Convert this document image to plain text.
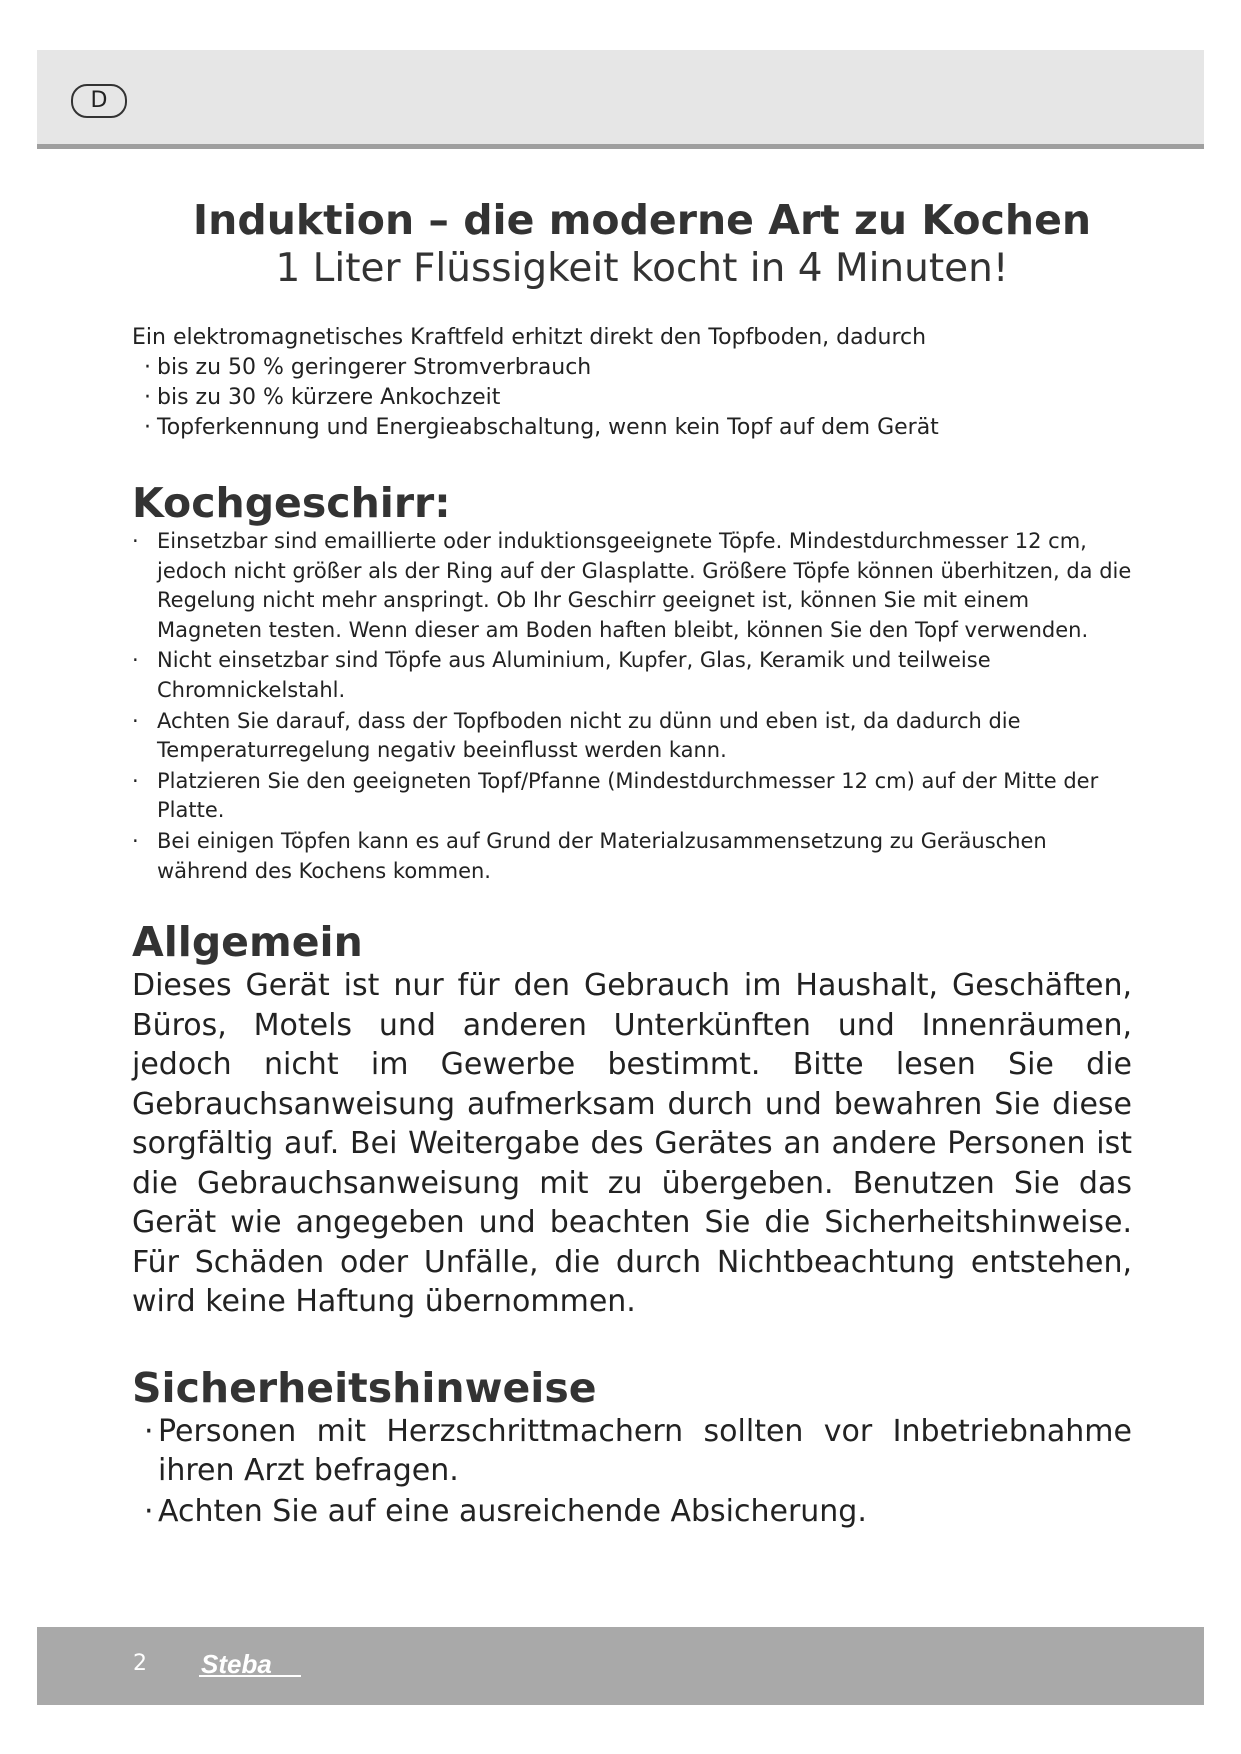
D
Induktion – die moderne Art zu Kochen
1 Liter Flüssigkeit kocht in 4 Minuten!
Ein elektromagnetisches Kraftfeld erhitzt direkt den Topfboden, dadurch
· bis zu 50 % geringerer Stromverbrauch
· bis zu 30 % kürzere Ankochzeit
· Topferkennung und Energieabschaltung, wenn kein Topf auf dem Gerät
Kochgeschirr:
· Einsetzbar sind emaillierte oder induktionsgeeignete Töpfe. Mindestdurchmesser 12 cm, jedoch nicht größer als der Ring auf der Glasplatte. Größere Töpfe können überhitzen, da die Regelung nicht mehr anspringt. Ob Ihr Geschirr geeignet ist, können Sie mit einem Magneten testen. Wenn dieser am Boden haften bleibt, können Sie den Topf verwenden.
· Nicht einsetzbar sind Töpfe aus Aluminium, Kupfer, Glas, Keramik und teilweise Chromnickelstahl.
· Achten Sie darauf, dass der Topfboden nicht zu dünn und eben ist, da dadurch die Temperaturregelung negativ beeinflusst werden kann.
· Platzieren Sie den geeigneten Topf/Pfanne (Mindestdurchmesser 12 cm) auf der Mitte der Platte.
· Bei einigen Töpfen kann es auf Grund der Materialzusammensetzung zu Geräuschen während des Kochens kommen.
Allgemein
Dieses Gerät ist nur für den Gebrauch im Haushalt, Geschäften, Büros, Motels und anderen Unterkünften und Innenräumen, jedoch nicht im Gewerbe bestimmt. Bitte lesen Sie die Gebrauchsanweisung aufmerksam durch und bewahren Sie diese sorgfältig auf. Bei Weitergabe des Gerätes an andere Personen ist die Gebrauchsanweisung mit zu übergeben. Benutzen Sie das Gerät wie angegeben und beachten Sie die Sicherheitshinweise. Für Schäden oder Unfälle, die durch Nichtbeachtung entstehen, wird keine Haftung übernommen.
Sicherheitshinweise
· Personen mit Herzschrittmachern sollten vor Inbetriebnahme ihren Arzt befragen.
· Achten Sie auf eine ausreichende Absicherung.
2 Steba
